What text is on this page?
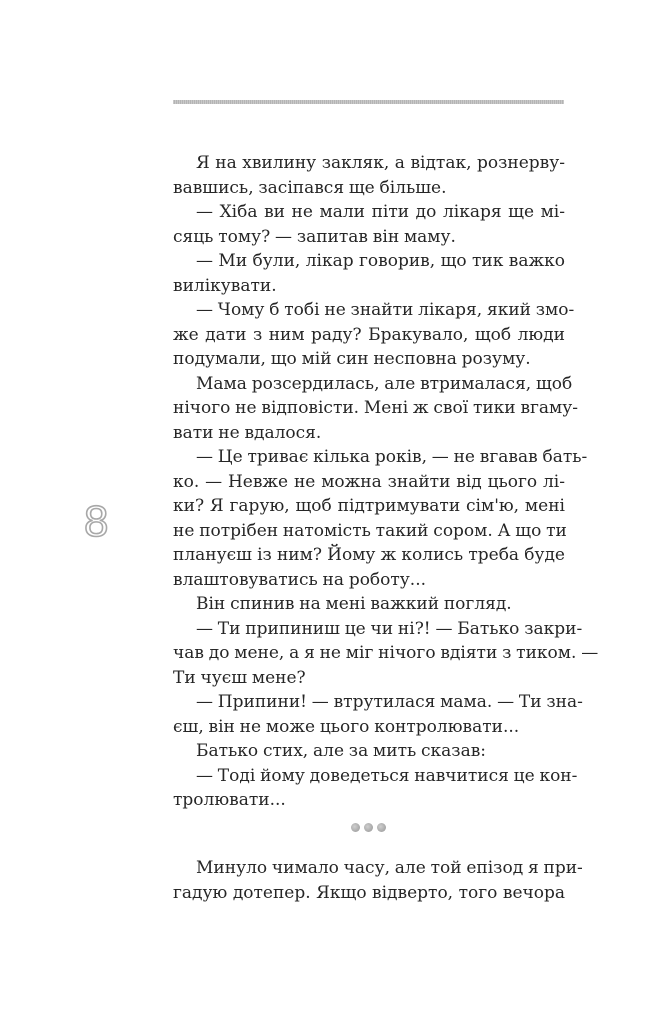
8

Я на хвилину закляк, а відтак, рознерву-
вавшись, засіпався ще більше.

— Хіба ви не мали піти до лікаря ще мі-
сяць тому? — запитав він маму.

— Ми були, лікар говорив, що тик важко
вилікувати.

— Чому б тобі не знайти лікаря, який змо-
же дати з ним раду? Бракувало, щоб люди
подумали, що мій син несповна розуму.

Мама розсердилась, але втрималася, щоб
нічого не відповісти. Мені ж свої тики вгаму-
вати не вдалося.

— Це триває кілька років, — не вгавав бать-
ко. — Невже не можна знайти від цього лі-
ки? Я гарую, щоб підтримувати сім'ю, мені
не потрібен натомість такий сором. А що ти
плануєш із ним? Йому ж колись треба буде
влаштовуватись на роботу...

Він спинив на мені важкий погляд.

— Ти припиниш це чи ні?! — Батько закри-
чав до мене, а я не міг нічого вдіяти з тиком. —
Ти чуєш мене?

— Припини! — втрутилася мама. — Ти зна-
єш, він не може цього контролювати...

Батько стих, але за мить сказав:

— Тоді йому доведеться навчитися це кон-
тролювати...

Минуло чимало часу, але той епізод я при-
гадую дотепер. Якщо відверто, того вечора
